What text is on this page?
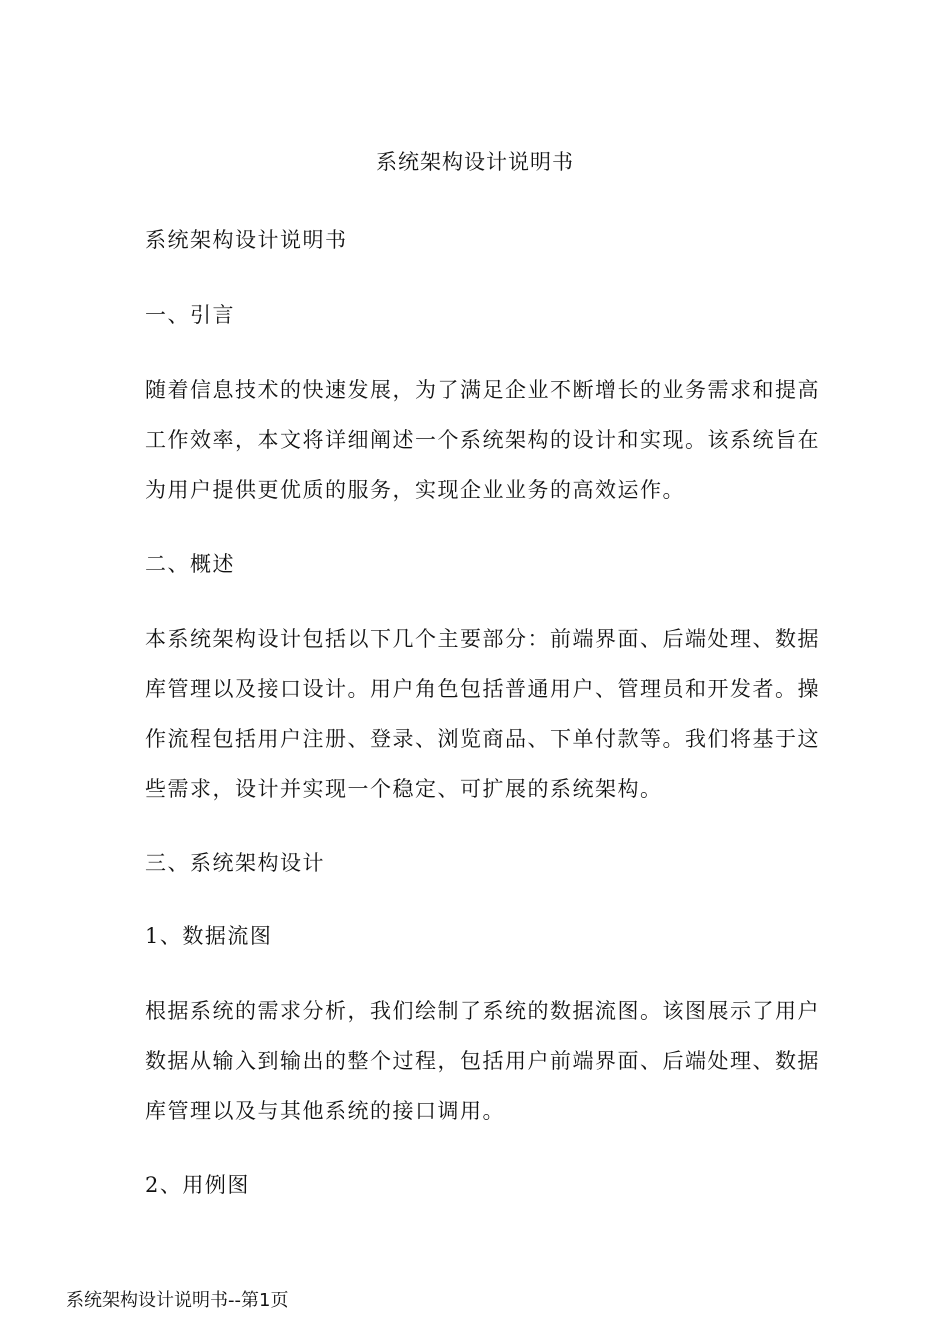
系统架构设计说明书
系统架构设计说明书
一、引言
随着信息技术的快速发展，为了满足企业不断增长的业务需求和提高
工作效率，本文将详细阐述一个系统架构的设计和实现。该系统旨在
为用户提供更优质的服务，实现企业业务的高效运作。
二、概述
本系统架构设计包括以下几个主要部分：前端界面、后端处理、数据
库管理以及接口设计。用户角色包括普通用户、管理员和开发者。操
作流程包括用户注册、登录、浏览商品、下单付款等。我们将基于这
些需求，设计并实现一个稳定、可扩展的系统架构。
三、系统架构设计
1、数据流图
根据系统的需求分析，我们绘制了系统的数据流图。该图展示了用户
数据从输入到输出的整个过程，包括用户前端界面、后端处理、数据
库管理以及与其他系统的接口调用。
2、用例图
系统架构设计说明书--第1页
